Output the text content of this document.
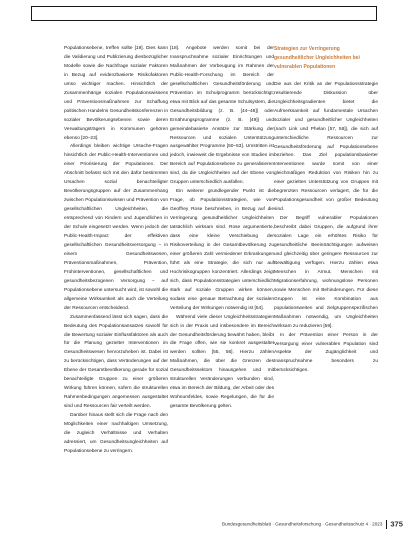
Populationsebene, treffen sollte [19]. Dies kann die Validierung und Publizierung diesbezüglicher Modelle sowie die Nachfrage sozialer Faktoren in Bezug auf evidenzbasierte Risikofaktoren umso wichtiger machen. Hinsichtlich der Zusammenhänge sozialen Populationswissens und Präventionsmaßnahmen zur Schaffung politischen Handelns Gesundheitskonferenzen in sozialer Bevölkerungsebenen sowie deren Verwaltungsträgern in Kommunen gehören ebenso [20–23].

Allerdings bleiben wichtige Ursache-Fragen hinsichtlich der Public-Health-Interventionen und einer Priorisierung der Populationen. Der Abschnitt befasst sich mit den dafür bestimmten Ursachen sozial benachteiligter Bevölkerungsgruppen auf der Zusammenhang zwischen Populationswissen und Prävention von gesellschaftlichen Ungleichheiten, die entsprechend von Kindern und Jugendlichen in der Schule eingesetzt werden. Wenn jedoch der Public-Health-Impact der effektiven gesellschaftlichen Gesundheitsversorgung – in einem Gesundheitswesen, Präventionsmaßnahmen, Prävention, Frühinterventionen, gesellschaftlichen und gesundheitsbezogenen Versorgung – auf Populationsebene untersucht wird, ist sowohl die allgemeine Wirksamkeit als auch die Verteilung der Ressourcen entscheidend.

Zusammenfassend lässt sich sagen, dass die Bedeutung des Populationsansatzes sowohl für die Bewertung sozialer Einflussfaktoren als auch für die Planung gezielter Interventionen im Gesundheitswesen hervorzuheben ist. Dabei ist zu berücksichtigen, dass Veränderungen auf der Ebene der Gesamtbevölkerung gerade für sozial benachteiligte Gruppen zu einer größeren Wirkung führen können, sofern die strukturellen Rahmenbedingungen angemessen ausgestaltet sind und Ressourcen fair verteilt werden.

Darüber hinaus stellt sich die Frage nach den Möglichkeiten einer nachhaltigen Umsetzung, die zugleich Verhältnisse und Verhalten adressiert, um Gesundheitsungleichheiten auf Populationsebene zu verringern.

[18]. Angebote werden somit bei der Inanspruchnahme sozialer Einrichtungen und Maßnahmen der Vorbeugung im Rahmen der Public-Health-Forschung im Bereich der gesellschaftlichen Gesundheitsförderung und Prävention im Schulprogramm berücksichtigt; etwa mit Blick auf das gesamte Schulsystem, die Gesundheitsbildung (z. B. [44–48]) oder Ernährungsprogramme (z. B. [49]) und gemeindebasierte Ansätze zur Stärkung der Ressourcen und sozialen Unterstützung ausgewählter Programme [50–53]. Umstritten ist jedoch, inwieweit die Ergebnisse von Studien im Bereich auf Populationsebene zu generalisieren sind, da die Ungleichheiten auf der Ebene von Gruppen unterschiedlich ausfallen.

Ein weiterer grundlegender Punkt ist die Frage, ob Populationsstrategien, wie von Geoffrey Rose beschrieben, in Bezug auf die Verringerung gesundheitlicher Ungleichheiten tatsächlich wirksam sind. Rose argumentierte, dass eine kleine Verschiebung der Risikoverteilung in der Gesamtbevölkerung zu einer größeren Zahl vermiedener Erkrankungen führt als eine Strategie, die sich nur auf Hochrisikogruppen konzentriert. Allerdings zeigt sich, dass Populationsstrategien unterschiedlich stark auf soziale Gruppen wirken können, sodass eine genaue Betrachtung der sozialen Verteilung der Wirkungen notwendig ist [54].

Während viele dieser Ungleichheitsstrategien sich in der Praxis und insbesondere im Bereich der Gesundheitsförderung bewährt haben, bleibt die Frage offen, wie sie konkret ausgestaltet werden sollten [55, 56]. Hierzu zählen Maßnahmen, die über die Grenzen des Gesundheitssektors hinausgehen und mit strukturellen Veränderungen verbunden sind, etwa im Bereich der Bildung, der Arbeit oder des Wohnumfeldes, sowie Regelungen, die für die gesamte Bevölkerung gelten.

Strategien zur Verringerung gesundheitlicher Ungleichheiten bei vulnerablen Populationen

Die aus der Kritik an der Populationsstrategie resultierende Diskussion über Ungleichheitsgradienten bietet die Aufmerksamkeit auf fundamentale Ursachen sozialer und gesundheitlicher Ungleichheiten (nach Link und Phelan [57, 58]), die sich auf unterschiedliche Ressourcen zur Gesundheitsförderung auf Populationsebene beziehen. Das Ziel populationsbasierter Interventionen wurde somit von einer gleichmäßigen Reduktion von Risiken hin zu einer gezielten Unterstützung von Gruppen mit begrenzten Ressourcen verlagert, die für die Populationsgesundheit von großer Bedeutung sind.

Der Begriff vulnerabler Populationen beschreibt dabei Gruppen, die aufgrund ihrer sozialen Lage ein erhöhtes Risiko für gesundheitliche Beeinträchtigungen aufweisen und gleichzeitig über geringere Ressourcen zur Bewältigung verfügen. Hierzu zählen etwa Menschen in Armut, Menschen mit Migrationserfahrung, wohnungslose Personen sowie Menschen mit Behinderungen. Für diese Gruppen ist eine Kombination aus populationsweiten und zielgruppenspezifischen Maßnahmen notwendig, um Ungleichheiten wirksam zu reduzieren [59].

In der Prävention einer Person in der Versorgung einer vulnerablen Population sind Aspekte der Zugänglichkeit und Inanspruchnahme besonders zu berücksichtigen.

Bundesgesundheitsblatt · Gesundheitsforschung · Gesundheitsschutz 4 · 2023 375
